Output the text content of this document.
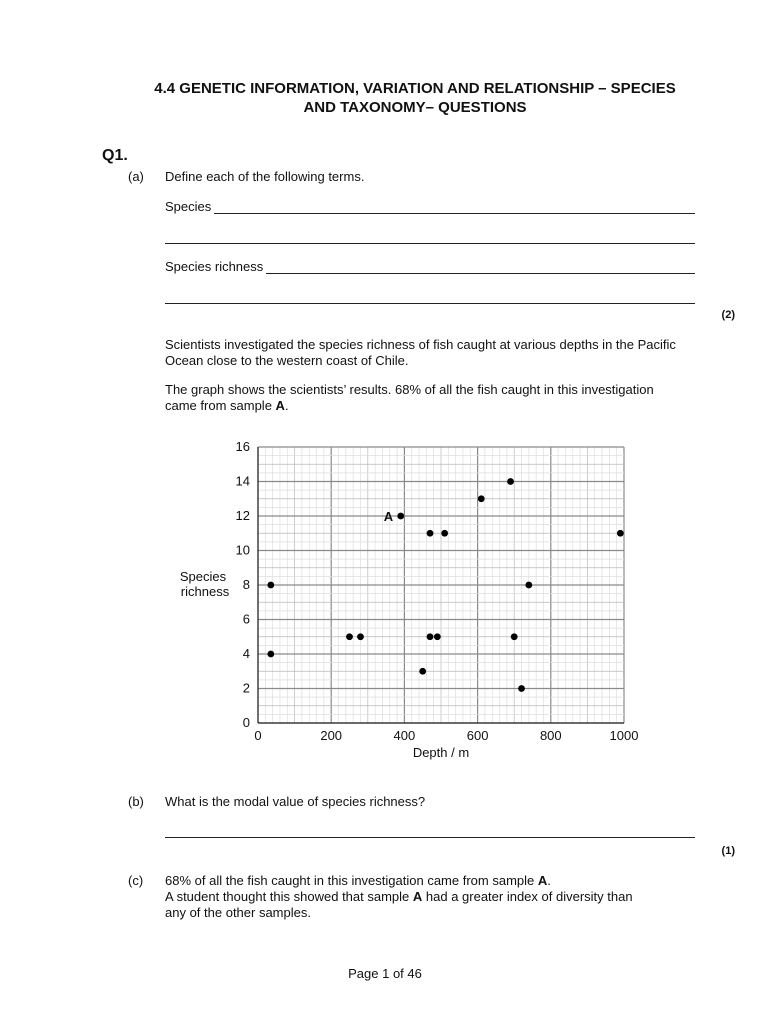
4.4 GENETIC INFORMATION, VARIATION AND RELATIONSHIP – SPECIES
AND TAXONOMY– QUESTIONS
Q1.
(a) Define each of the following terms.
Species
Species richness
(2)
Scientists investigated the species richness of fish caught at various depths in the Pacific Ocean close to the western coast of Chile.
The graph shows the scientists’ results. 68% of all the fish caught in this investigation came from sample A.
0	200	400	600	800	1000
0
2
4
6
8
10
12
14
16
A
Species
richness
Depth / m
(b) What is the modal value of species richness?
(1)
(c) 68% of all the fish caught in this investigation came from sample A.
A student thought this showed that sample A had a greater index of diversity than
any of the other samples.
Page 1 of 46
